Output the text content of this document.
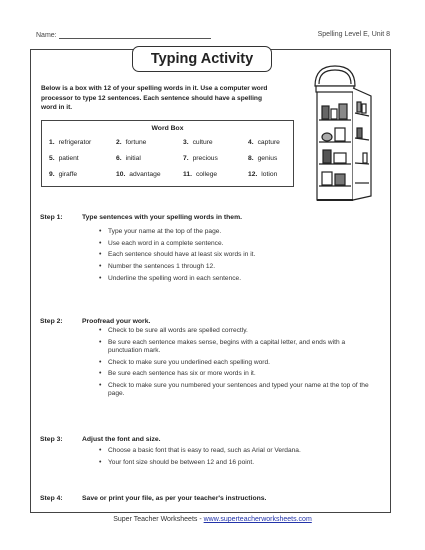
Name:	Spelling Level E, Unit 8
Typing Activity
Below is a box with 12 of your spelling words in it. Use a computer word processor to type 12 sentences. Each sentence should have a spelling word in it.
Word Box
1. refrigerator	2. fortune	3. culture	4. capture
5. patient	6. initial	7. precious	8. genius
9. giraffe	10. advantage	11. college	12. lotion
Step 1:	Type sentences with your spelling words in them.
• Type your name at the top of the page.
• Use each word in a complete sentence.
• Each sentence should have at least six words in it.
• Number the sentences 1 through 12.
• Underline the spelling word in each sentence.
Step 2:	Proofread your work.
• Check to be sure all words are spelled correctly.
• Be sure each sentence makes sense, begins with a capital letter, and ends with a punctuation mark.
• Check to make sure you underlined each spelling word.
• Be sure each sentence has six or more words in it.
• Check to make sure you numbered your sentences and typed your name at the top of the page.
Step 3:	Adjust the font and size.
• Choose a basic font that is easy to read, such as Arial or Verdana.
• Your font size should be between 12 and 16 point.
Step 4:	Save or print your file, as per your teacher's instructions.
Super Teacher Worksheets - www.superteacherworksheets.com
